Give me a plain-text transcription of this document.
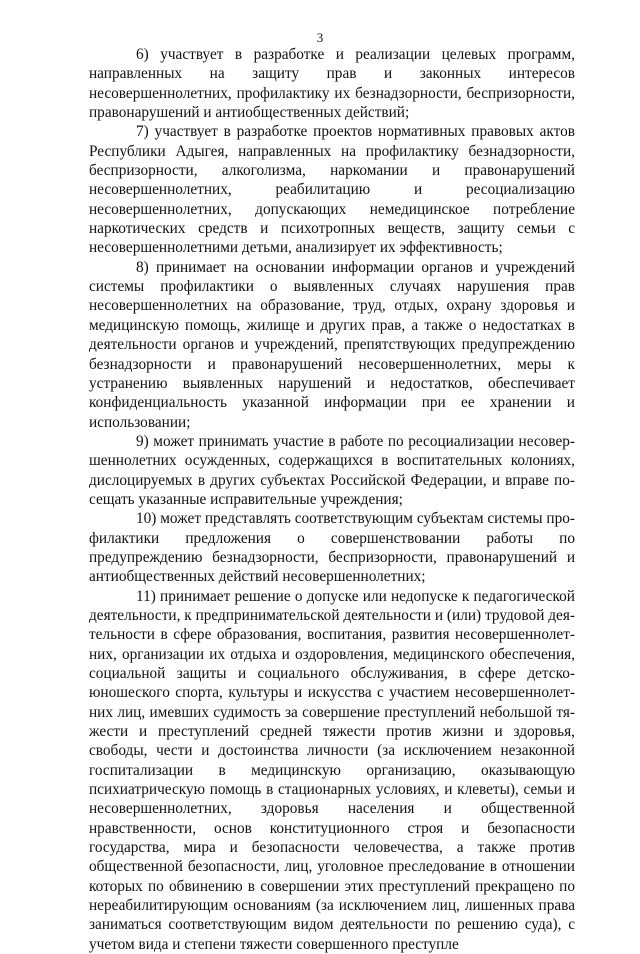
3

6) участвует в разработке и реализации целевых программ, направленных на защиту прав и законных интересов несовершеннолетних, профилактику их безнадзорности, беспризорности, правонарушений и антиобщественных действий;

7) участвует в разработке проектов нормативных правовых актов Республики Адыгея, направленных на профилактику безнадзорности, беспризорности, алкоголизма, наркомании и правонарушений несовершеннолетних, реабилитацию и ресоциализацию несовершеннолетних, допускающих немедицинское потребление наркотических средств и психотропных веществ, защиту семьи с несовершеннолетними детьми, анализирует их эффективность;

8) принимает на основании информации органов и учреждений системы профилактики о выявленных случаях нарушения прав несовершеннолетних на образование, труд, отдых, охрану здоровья и медицинскую помощь, жилище и других прав, а также о недостатках в деятельности органов и учреждений, препятствующих предупреждению безнадзорности и правонарушений несовершеннолетних, меры к устранению выявленных нарушений и недостатков, обеспечивает конфиденциальность указанной информации при ее хранении и использовании;

9) может принимать участие в работе по ресоциализации несовершеннолетних осужденных, содержащихся в воспитательных колониях, дислоцируемых в других субъектах Российской Федерации, и вправе посещать указанные исправительные учреждения;

10) может представлять соответствующим субъектам системы профилактики предложения о совершенствовании работы по предупреждению безнадзорности, беспризорности, правонарушений и антиобщественных действий несовершеннолетних;

11) принимает решение о допуске или недопуске к педагогической деятельности, к предпринимательской деятельности и (или) трудовой деятельности в сфере образования, воспитания, развития несовершеннолетних, организации их отдыха и оздоровления, медицинского обеспечения, социальной защиты и социального обслуживания, в сфере детскоюношеского спорта, культуры и искусства с участием несовершеннолетних лиц, имевших судимость за совершение преступлений небольшой тяжести и преступлений средней тяжести против жизни и здоровья, свободы, чести и достоинства личности (за исключением незаконной госпитализации в медицинскую организацию, оказывающую психиатрическую помощь в стационарных условиях, и клеветы), семьи и несовершеннолетних, здоровья населения и общественной нравственности, основ конституционного строя и безопасности государства, мира и безопасности человечества, а также против общественной безопасности, лиц, уголовное преследование в отношении которых по обвинению в совершении этих преступлений прекращено по нереабилитирующим основаниям (за исключением лиц, лишенных права заниматься соответствующим видом деятельности по решению суда), с учетом вида и степени тяжести совершенного преступле
